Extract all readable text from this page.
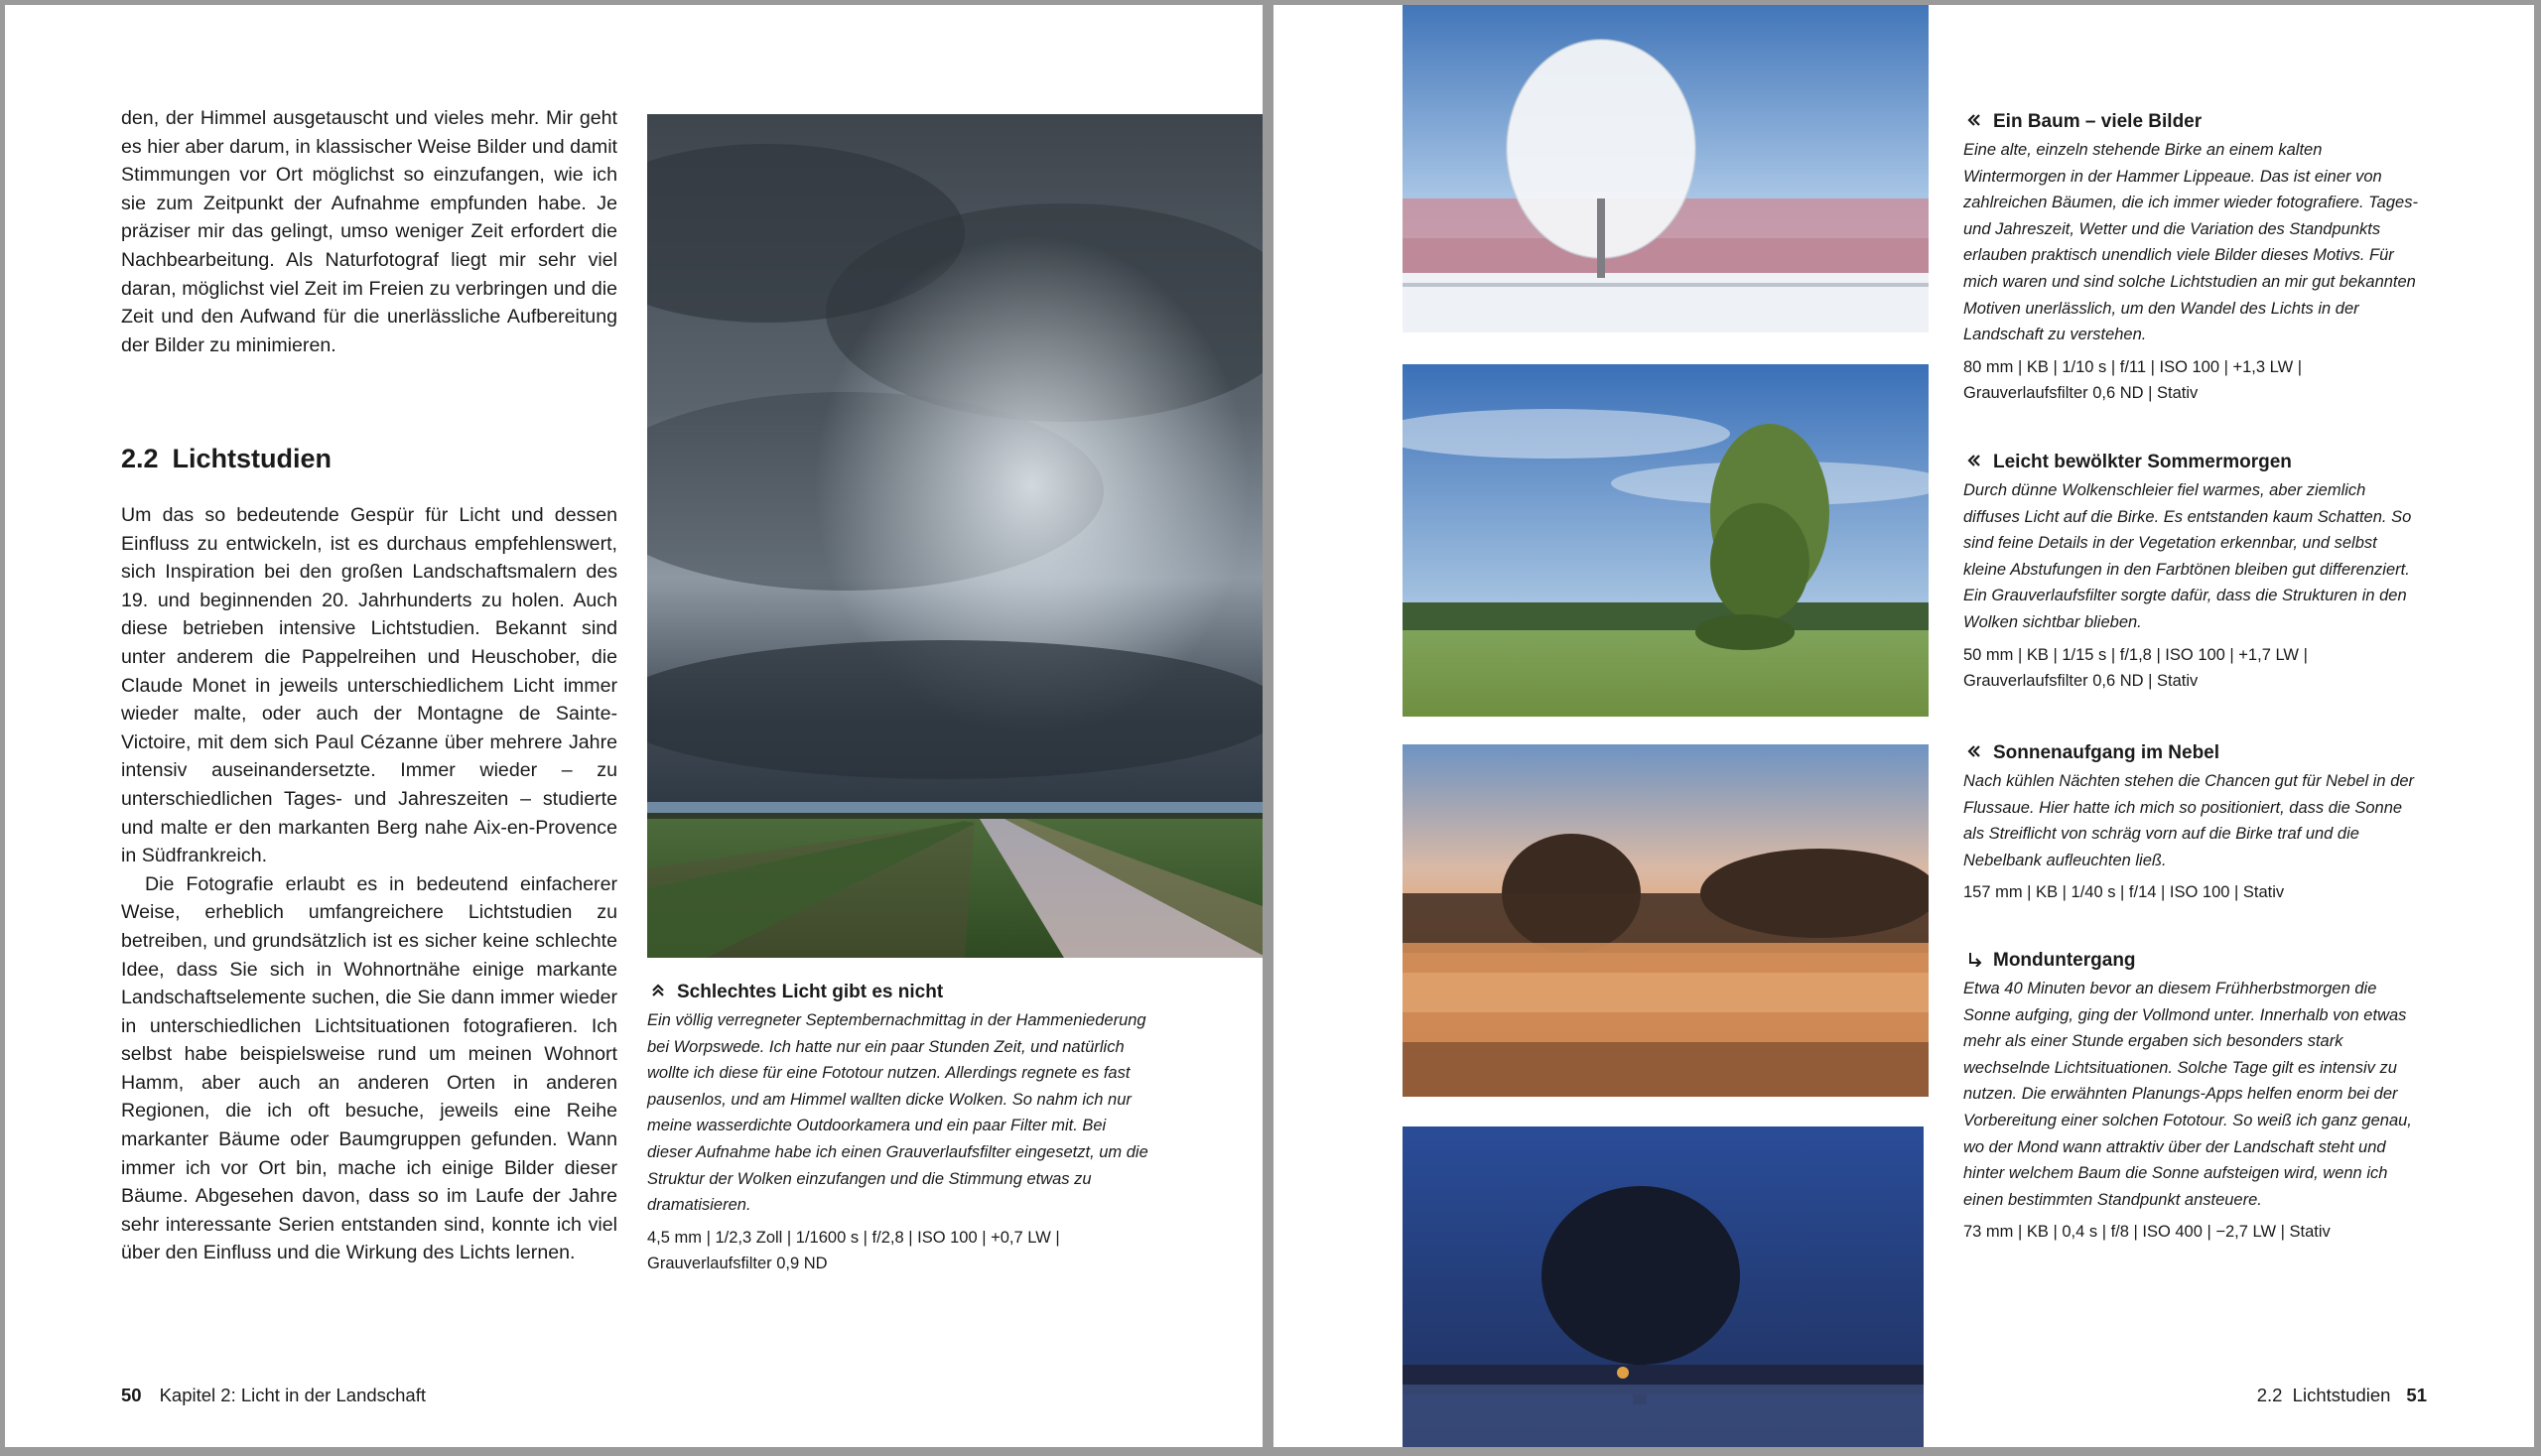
den, der Himmel ausgetauscht und vieles mehr. Mir geht es hier aber darum, in klassischer Weise Bilder und damit Stimmungen vor Ort möglichst so einzufangen, wie ich sie zum Zeitpunkt der Aufnahme empfunden habe. Je präziser mir das gelingt, umso weniger Zeit erfordert die Nachbearbeitung. Als Naturfotograf liegt mir sehr viel daran, möglichst viel Zeit im Freien zu verbringen und die Zeit und den Aufwand für die unerlässliche Aufbereitung der Bilder zu minimieren.

2.2 Lichtstudien

Um das so bedeutende Gespür für Licht und dessen Einfluss zu entwickeln, ist es durchaus empfehlenswert, sich Inspiration bei den großen Landschaftsmalern des 19. und beginnenden 20. Jahrhunderts zu holen. Auch diese betrieben intensive Lichtstudien. Bekannt sind unter anderem die Pappelreihen und Heuschober, die Claude Monet in jeweils unterschiedlichem Licht immer wieder malte, oder auch der Montagne de Sainte-Victoire, mit dem sich Paul Cézanne über mehrere Jahre intensiv auseinandersetzte. Immer wieder – zu unterschiedlichen Tages- und Jahreszeiten – studierte und malte er den markanten Berg nahe Aix-en-Provence in Südfrankreich.

Die Fotografie erlaubt es in bedeutend einfacherer Weise, erheblich umfangreichere Lichtstudien zu betreiben, und grundsätzlich ist es sicher keine schlechte Idee, dass Sie sich in Wohnortnähe einige markante Landschaftselemente suchen, die Sie dann immer wieder in unterschiedlichen Lichtsituationen fotografieren. Ich selbst habe beispielsweise rund um meinen Wohnort Hamm, aber auch an anderen Orten in anderen Regionen, die ich oft besuche, jeweils eine Reihe markanter Bäume oder Baumgruppen gefunden. Wann immer ich vor Ort bin, mache ich einige Bilder dieser Bäume. Abgesehen davon, dass so im Laufe der Jahre sehr interessante Serien entstanden sind, konnte ich viel über den Einfluss und die Wirkung des Lichts lernen.

Schlechtes Licht gibt es nicht

Ein völlig verregneter Septembernachmittag in der Hammeniederung bei Worpswede. Ich hatte nur ein paar Stunden Zeit, und natürlich wollte ich diese für eine Fototour nutzen. Allerdings regnete es fast pausenlos, und am Himmel wallten dicke Wolken. So nahm ich nur meine wasserdichte Outdoorkamera und ein paar Filter mit. Bei dieser Aufnahme habe ich einen Grauverlaufsfilter eingesetzt, um die Struktur der Wolken einzufangen und die Stimmung etwas zu dramatisieren.

4,5 mm | 1/2,3 Zoll | 1/1600 s | f/2,8 | ISO 100 | +0,7 LW | Grauverlaufsfilter 0,9 ND

50 Kapitel 2: Licht in der Landschaft

Ein Baum – viele Bilder

Eine alte, einzeln stehende Birke an einem kalten Wintermorgen in der Hammer Lippeaue. Das ist einer von zahlreichen Bäumen, die ich immer wieder fotografiere. Tages- und Jahreszeit, Wetter und die Variation des Standpunkts erlauben praktisch unendlich viele Bilder dieses Motivs. Für mich waren und sind solche Lichtstudien an mir gut bekannten Motiven unerlässlich, um den Wandel des Lichts in der Landschaft zu verstehen.

80 mm | KB | 1/10 s | f/11 | ISO 100 | +1,3 LW | Grauverlaufsfilter 0,6 ND | Stativ

Leicht bewölkter Sommermorgen

Durch dünne Wolkenschleier fiel warmes, aber ziemlich diffuses Licht auf die Birke. Es entstanden kaum Schatten. So sind feine Details in der Vegetation erkennbar, und selbst kleine Abstufungen in den Farbtönen bleiben gut differenziert. Ein Grauverlaufsfilter sorgte dafür, dass die Strukturen in den Wolken sichtbar blieben.

50 mm | KB | 1/15 s | f/1,8 | ISO 100 | +1,7 LW | Grauverlaufsfilter 0,6 ND | Stativ

Sonnenaufgang im Nebel

Nach kühlen Nächten stehen die Chancen gut für Nebel in der Flussaue. Hier hatte ich mich so positioniert, dass die Sonne als Streiflicht von schräg vorn auf die Birke traf und die Nebelbank aufleuchten ließ.

157 mm | KB | 1/40 s | f/14 | ISO 100 | Stativ

Monduntergang

Etwa 40 Minuten bevor an diesem Frühherbstmorgen die Sonne aufging, ging der Vollmond unter. Innerhalb von etwas mehr als einer Stunde ergaben sich besonders stark wechselnde Lichtsituationen. Solche Tage gilt es intensiv zu nutzen. Die erwähnten Planungs-Apps helfen enorm bei der Vorbereitung einer solchen Fototour. So weiß ich ganz genau, wo der Mond wann attraktiv über der Landschaft steht und hinter welchem Baum die Sonne aufsteigen wird, wenn ich einen bestimmten Standpunkt ansteuere.

73 mm | KB | 0,4 s | f/8 | ISO 400 | −2,7 LW | Stativ

2.2  Lichtstudien 51
